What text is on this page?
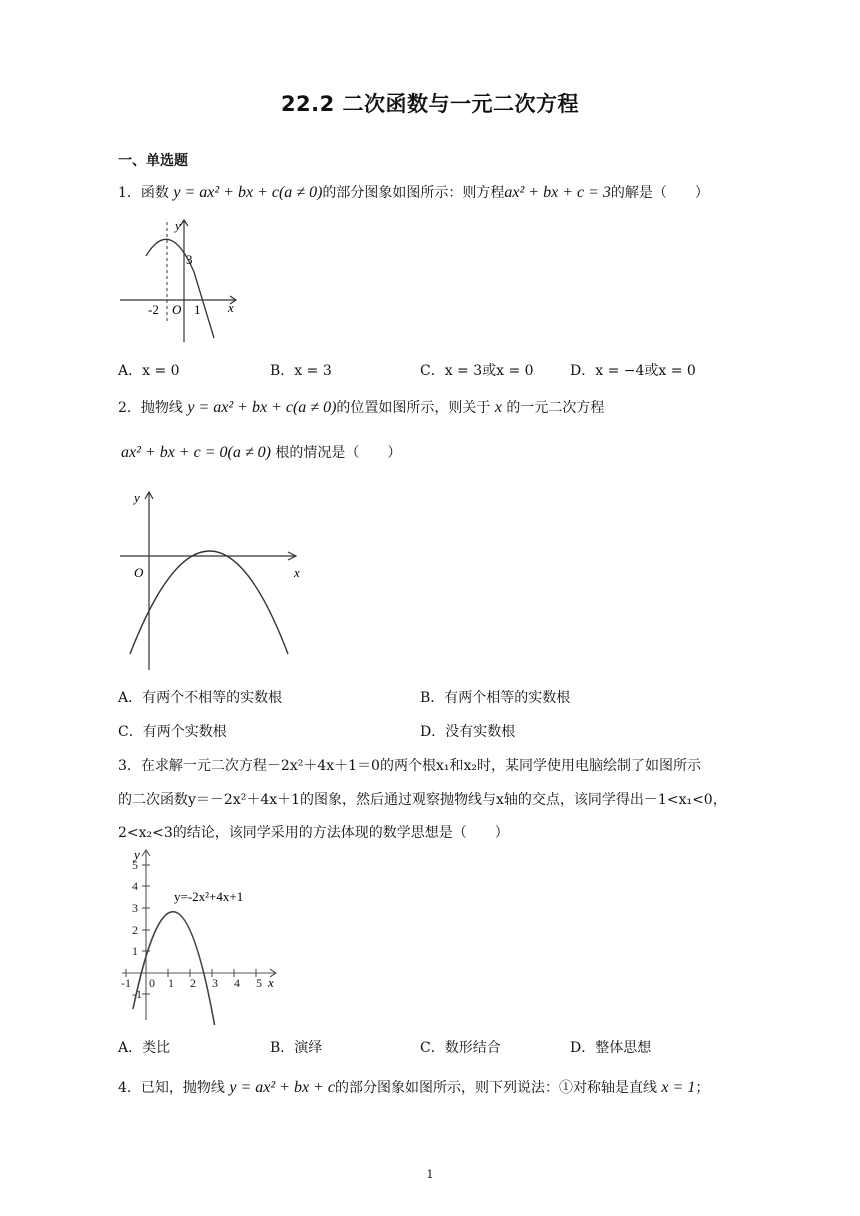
22.2 二次函数与一元二次方程
一、单选题
1．函数 y = ax² + bx + c(a ≠ 0)的部分图象如图所示：则方程ax² + bx + c = 3的解是（　　）
y
x
3
-2 O 1
A．x = 0	B．x = 3	C．x = 3或x = 0	D．x = −4或x = 0
2．抛物线 y = ax² + bx + c(a ≠ 0)的位置如图所示，则关于 x 的一元二次方程
ax² + bx + c = 0(a ≠ 0) 根的情况是（　　）
y
x
O
A．有两个不相等的实数根	B．有两个相等的实数根
C．有两个实数根	D．没有实数根
3．在求解一元二次方程－2x²＋4x＋1＝0的两个根x₁和x₂时，某同学使用电脑绘制了如图所示
的二次函数y＝－2x²＋4x＋1的图象，然后通过观察抛物线与x轴的交点，该同学得出－1<x₁<0，
2<x₂<3的结论，该同学采用的方法体现的数学思想是（　　）
y=-2x²+4x+1
y
x
5
4
3
2
1
-1
-1 0 1 2 3 4 5
A．类比	B．演绎	C．数形结合	D．整体思想
4．已知，抛物线 y = ax² + bx + c的部分图象如图所示，则下列说法：①对称轴是直线 x = 1；
1
